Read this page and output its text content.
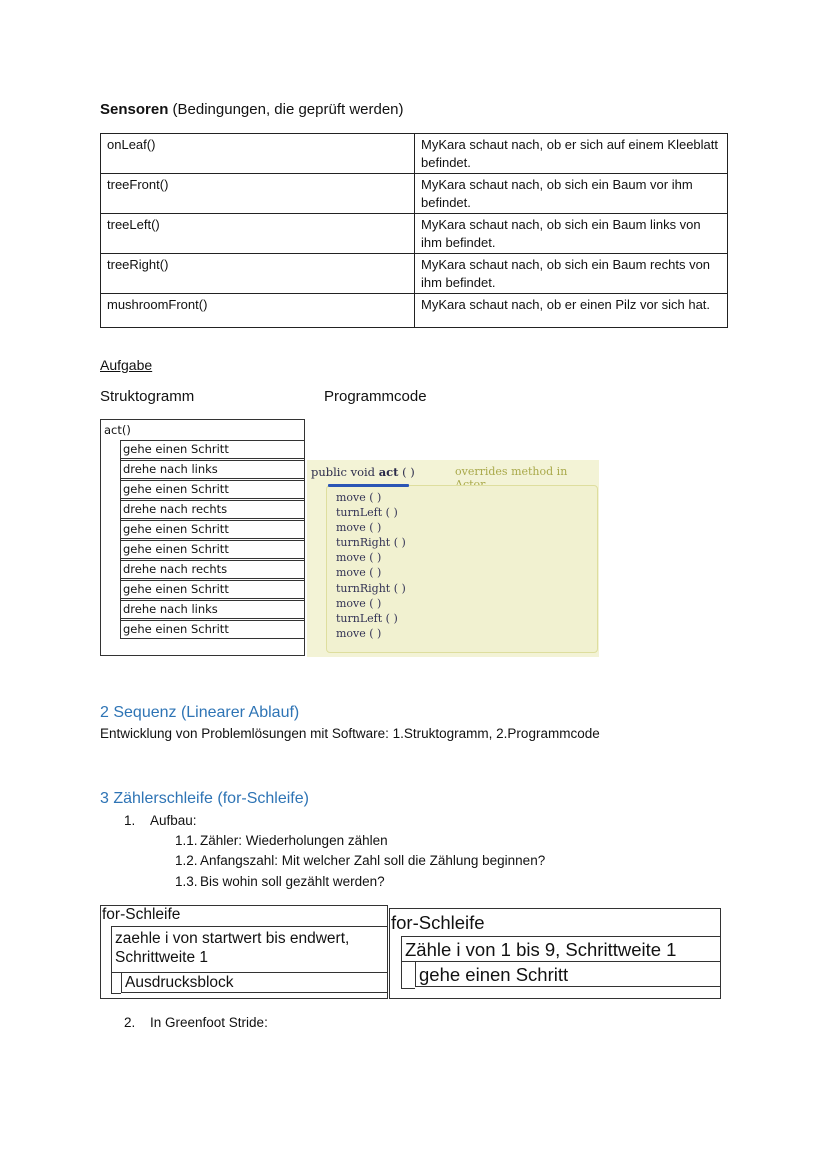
Sensoren (Bedingungen, die geprüft werden)
onLeaf()	MyKara schaut nach, ob er sich auf einem Kleeblatt befindet.
treeFront()	MyKara schaut nach, ob sich ein Baum vor ihm befindet.
treeLeft()	MyKara schaut nach, ob sich ein Baum links von ihm befindet.
treeRight()	MyKara schaut nach, ob sich ein Baum rechts von ihm befindet.
mushroomFront()	MyKara schaut nach, ob er einen Pilz vor sich hat.
Aufgabe
Struktogramm	Programmcode
act()
gehe einen Schritt
drehe nach links
gehe einen Schritt
drehe nach rechts
gehe einen Schritt
gehe einen Schritt
drehe nach rechts
gehe einen Schritt
drehe nach links
gehe einen Schritt
public void act ( )	overrides method in
move ( )
turnLeft ( )
move ( )
turnRight ( )
move ( )
move ( )
turnRight ( )
move ( )
turnLeft ( )
move ( )
2 Sequenz (Linearer Ablauf)
Entwicklung von Problemlösungen mit Software: 1.Struktogramm, 2.Programmcode
3 Zählerschleife (for-Schleife)
1. Aufbau:
1.1. Zähler: Wiederholungen zählen
1.2. Anfangszahl: Mit welcher Zahl soll die Zählung beginnen?
1.3. Bis wohin soll gezählt werden?
for-Schleife
zaehle i von startwert bis endwert,
Schrittweite 1
Ausdrucksblock
for-Schleife
Zähle i von 1 bis 9, Schrittweite 1
gehe einen Schritt
2. In Greenfoot Stride:
